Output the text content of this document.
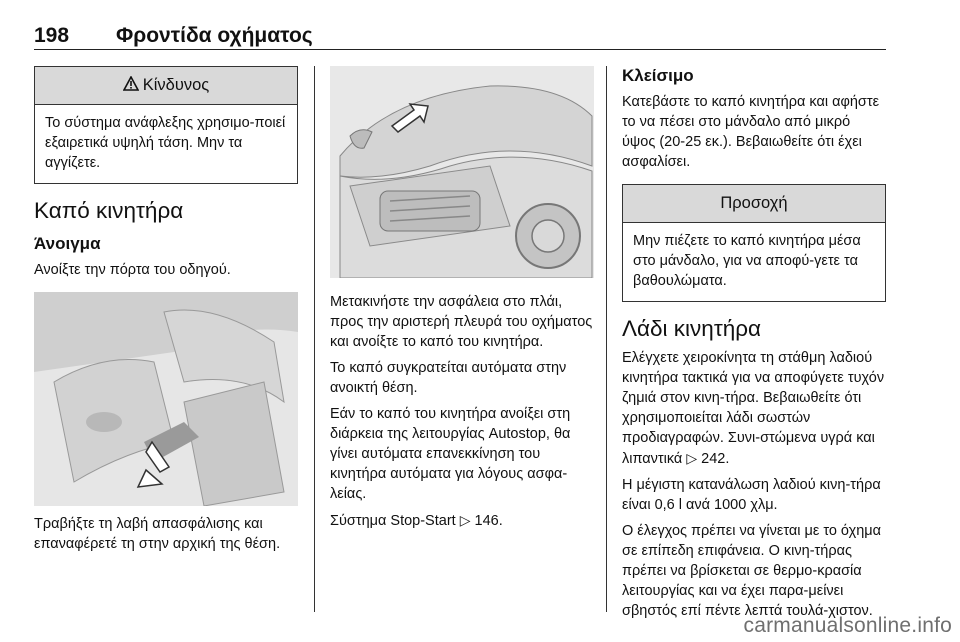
198 Φροντίδα οχήματος
Κίνδυνος
Το σύστημα ανάφλεξης χρησιμο-ποιεί εξαιρετικά υψηλή τάση. Μην τα αγγίζετε.
Καπό κινητήρα
Άνοιγμα

Ανοίξτε την πόρτα του οδηγού.

Τραβήξτε τη λαβή απασφάλισης και επαναφέρετέ τη στην αρχική της θέση.

Μετακινήστε την ασφάλεια στο πλάι, προς την αριστερή πλευρά του οχήματος και ανοίξτε το καπό του κινητήρα.

Το καπό συγκρατείται αυτόματα στην ανοικτή θέση.

Εάν το καπό του κινητήρα ανοίξει στη διάρκεια της λειτουργίας Autostop, θα γίνει αυτόματα επανεκκίνηση του κινητήρα αυτόματα για λόγους ασφα-λείας.

Σύστημα Stop-Start ▷ 146.

Κλείσιμο

Κατεβάστε το καπό κινητήρα και αφήστε το να πέσει στο μάνδαλο από μικρό ύψος (20-25 εκ.). Βεβαιωθείτε ότι έχει ασφαλίσει.

Προσοχή
Μην πιέζετε το καπό κινητήρα μέσα στο μάνδαλο, για να αποφύ-γετε τα βαθουλώματα.
Λάδι κινητήρα

Ελέγχετε χειροκίνητα τη στάθμη λαδιού κινητήρα τακτικά για να αποφύγετε τυχόν ζημιά στον κινη-τήρα. Βεβαιωθείτε ότι χρησιμοποιείται λάδι σωστών προδιαγραφών. Συνι-στώμενα υγρά και λιπαντικά ▷ 242.

Η μέγιστη κατανάλωση λαδιού κινη-τήρα είναι 0,6 l ανά 1000 χλμ.

Ο έλεγχος πρέπει να γίνεται με το όχημα σε επίπεδη επιφάνεια. Ο κινη-τήρας πρέπει να βρίσκεται σε θερμο-κρασία λειτουργίας και να έχει παρα-μείνει σβηστός επί πέντε λεπτά τουλά-χιστον.

carmanualsonline.info
